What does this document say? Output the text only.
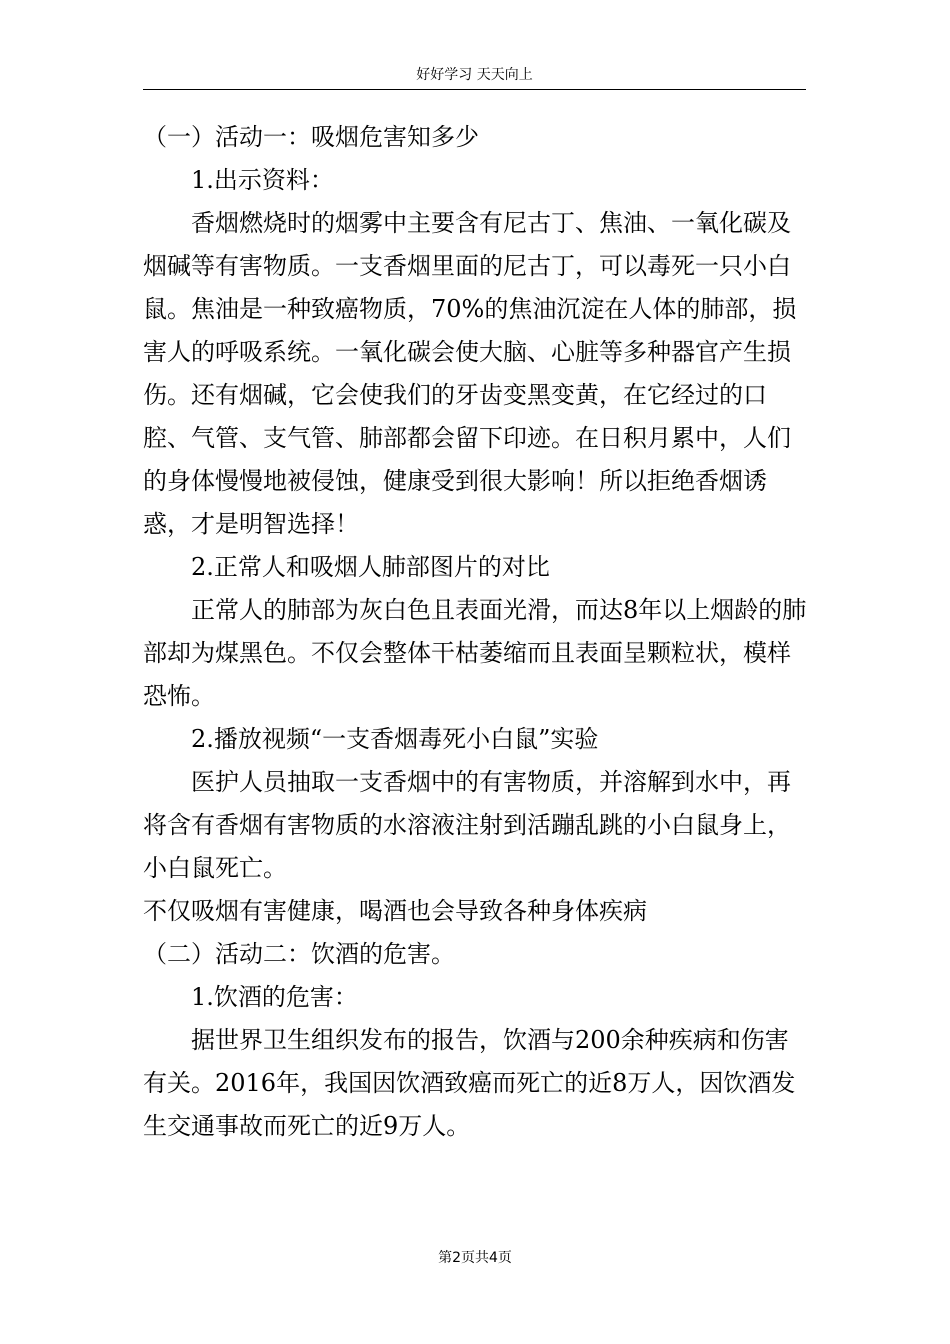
好好学习 天天向上

（一）活动一：吸烟危害知多少

1.出示资料：

香烟燃烧时的烟雾中主要含有尼古丁、焦油、一氧化碳及烟碱等有害物质。一支香烟里面的尼古丁，可以毒死一只小白鼠。焦油是一种致癌物质，70%的焦油沉淀在人体的肺部，损害人的呼吸系统。一氧化碳会使大脑、心脏等多种器官产生损伤。还有烟碱，它会使我们的牙齿变黑变黄，在它经过的口腔、气管、支气管、肺部都会留下印迹。在日积月累中，人们的身体慢慢地被侵蚀，健康受到很大影响！所以拒绝香烟诱惑，才是明智选择！

2.正常人和吸烟人肺部图片的对比

正常人的肺部为灰白色且表面光滑，而达8年以上烟龄的肺部却为煤黑色。不仅会整体干枯萎缩而且表面呈颗粒状，模样恐怖。

2.播放视频“一支香烟毒死小白鼠”实验

医护人员抽取一支香烟中的有害物质，并溶解到水中，再将含有香烟有害物质的水溶液注射到活蹦乱跳的小白鼠身上，小白鼠死亡。

不仅吸烟有害健康，喝酒也会导致各种身体疾病

（二）活动二：饮酒的危害。

1.饮酒的危害：

据世界卫生组织发布的报告，饮酒与200余种疾病和伤害有关。2016年，我国因饮酒致癌而死亡的近8万人，因饮酒发生交通事故而死亡的近9万人。

第2页共4页
